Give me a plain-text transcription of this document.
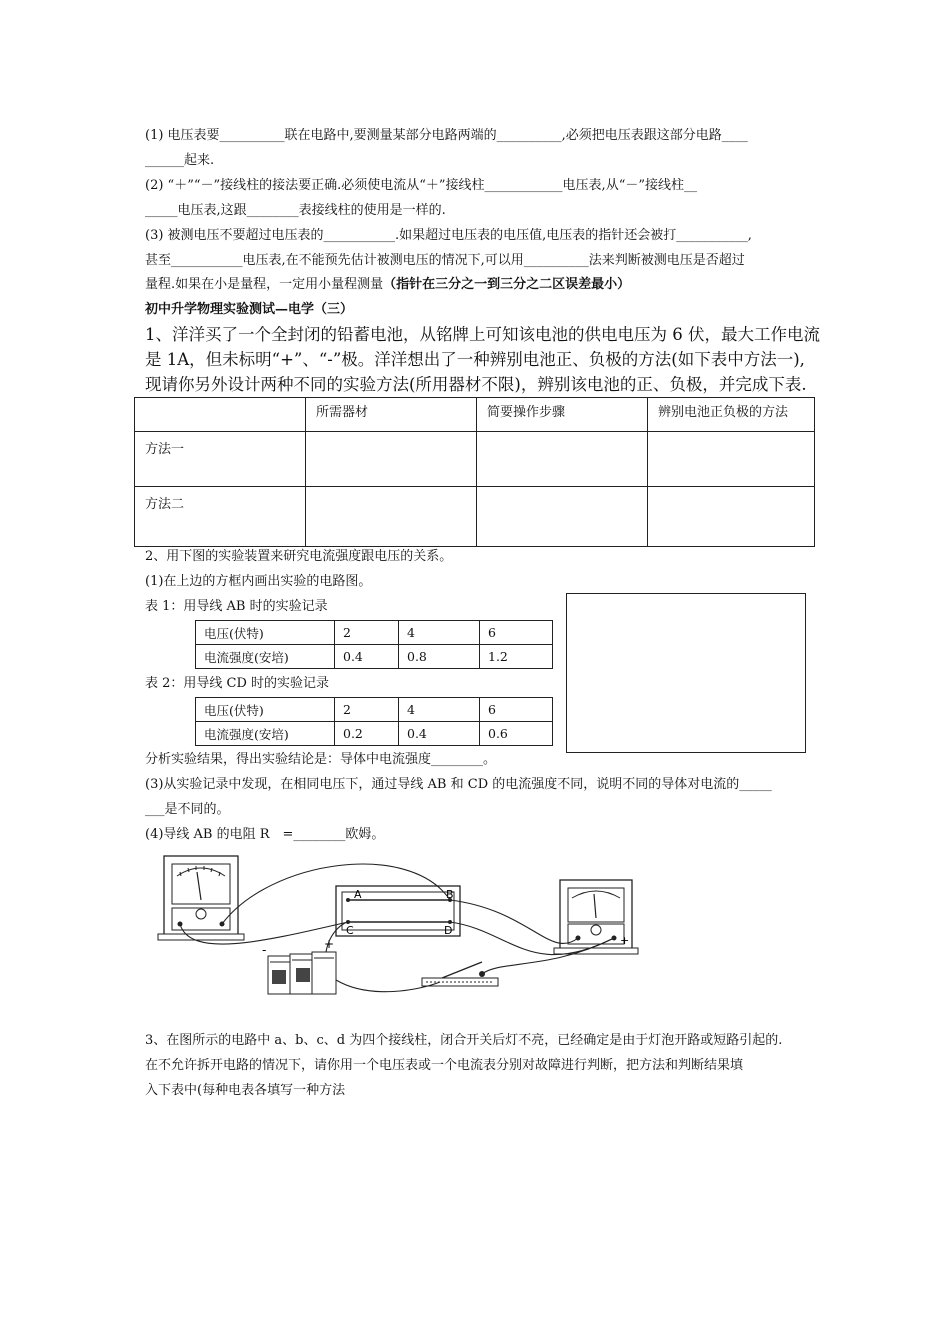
(1) 电压表要__________联在电路中,要测量某部分电路两端的__________,必须把电压表跟这部分电路____
______起来.
(2) “＋”“－”接线柱的接法要正确.必须使电流从“＋”接线柱____________电压表,从“－”接线柱__
_____电压表,这跟________表接线柱的使用是一样的.
(3) 被测电压不要超过电压表的___________.如果超过电压表的电压值,电压表的指针还会被打___________,
甚至___________电压表,在不能预先估计被测电压的情况下,可以用__________法来判断被测电压是否超过
量程.如果在小是量程，一定用小量程测量（指针在三分之一到三分之二区误差最小）
初中升学物理实验测试—电学（三）
1、洋洋买了一个全封闭的铅蓄电池，从铭牌上可知该电池的供电电压为 6 伏，最大工作电流
是 1A，但未标明“+”、“-”极。洋洋想出了一种辨别电池正、负极的方法(如下表中方法一),
现请你另外设计两种不同的实验方法(所用器材不限)，辨别该电池的正、负极，并完成下表.
	所需器材	简要操作步骤	辨别电池正负极的方法
方法一			
方法二			
2、用下图的实验装置来研究电流强度跟电压的关系。
(1)在上边的方框内画出实验的电路图。
表 1：用导线 AB 时的实验记录
电压(伏特)	2	4	6
电流强度(安培)	0.4	0.8	1.2
表 2：用导线 CD 时的实验记录
电压(伏特)	2	4	6
电流强度(安培)	0.2	0.4	0.6
分析实验结果，得出实验结论是：导体中电流强度________。
(3)从实验记录中发现，在相同电压下，通过导线 AB 和 CD 的电流强度不同，说明不同的导体对电流的_____
___是不同的。
(4)导线 AB 的电阻 R　=________欧姆。
A	B
C	D
+
-
+
3、在图所示的电路中 a、b、c、d 为四个接线柱，闭合开关后灯不亮，已经确定是由于灯泡开路或短路引起的.
在不允许拆开电路的情况下，请你用一个电压表或一个电流表分别对故障进行判断，把方法和判断结果填
入下表中(每种电表各填写一种方法
